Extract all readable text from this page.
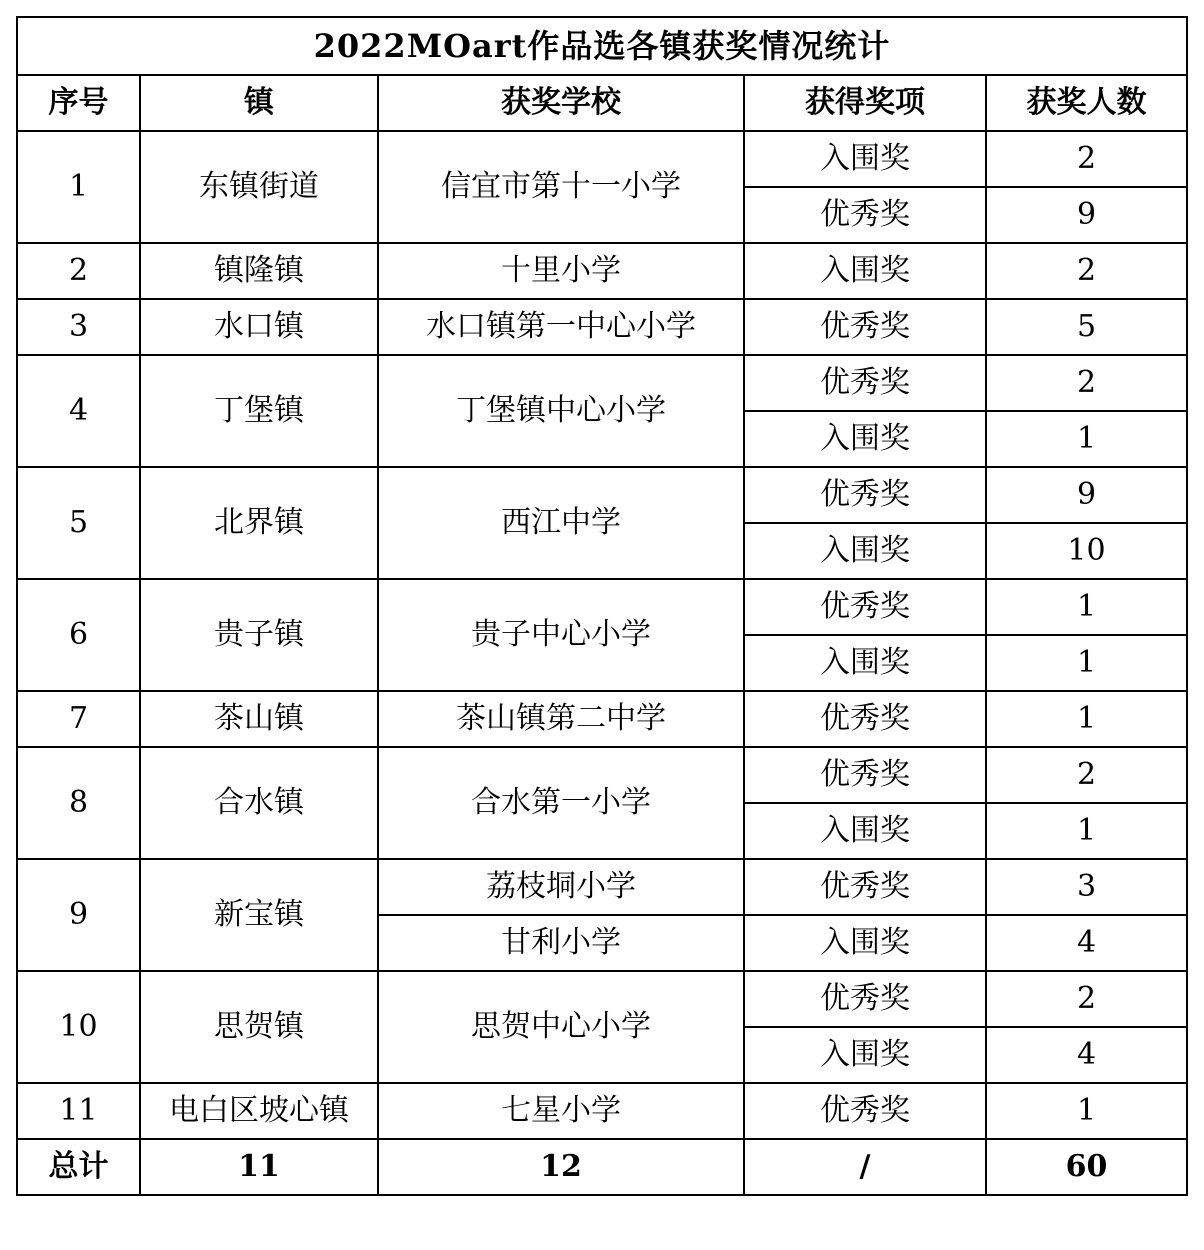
2022MOart作品选各镇获奖情况统计				
序号	镇	获奖学校	获得奖项	获奖人数
1	东镇街道	信宜市第十一小学	入围奖	2
			优秀奖	9
2	镇隆镇	十里小学	入围奖	2
3	水口镇	水口镇第一中心小学	优秀奖	5
4	丁堡镇	丁堡镇中心小学	优秀奖	2
			入围奖	1
5	北界镇	西江中学	优秀奖	9
			入围奖	10
6	贵子镇	贵子中心小学	优秀奖	1
			入围奖	1
7	茶山镇	茶山镇第二中学	优秀奖	1
8	合水镇	合水第一小学	优秀奖	2
			入围奖	1
9	新宝镇	荔枝垌小学	优秀奖	3
		甘利小学	入围奖	4
10	思贺镇	思贺中心小学	优秀奖	2
			入围奖	4
11	电白区坡心镇	七星小学	优秀奖	1
总计	11	12	/	60
